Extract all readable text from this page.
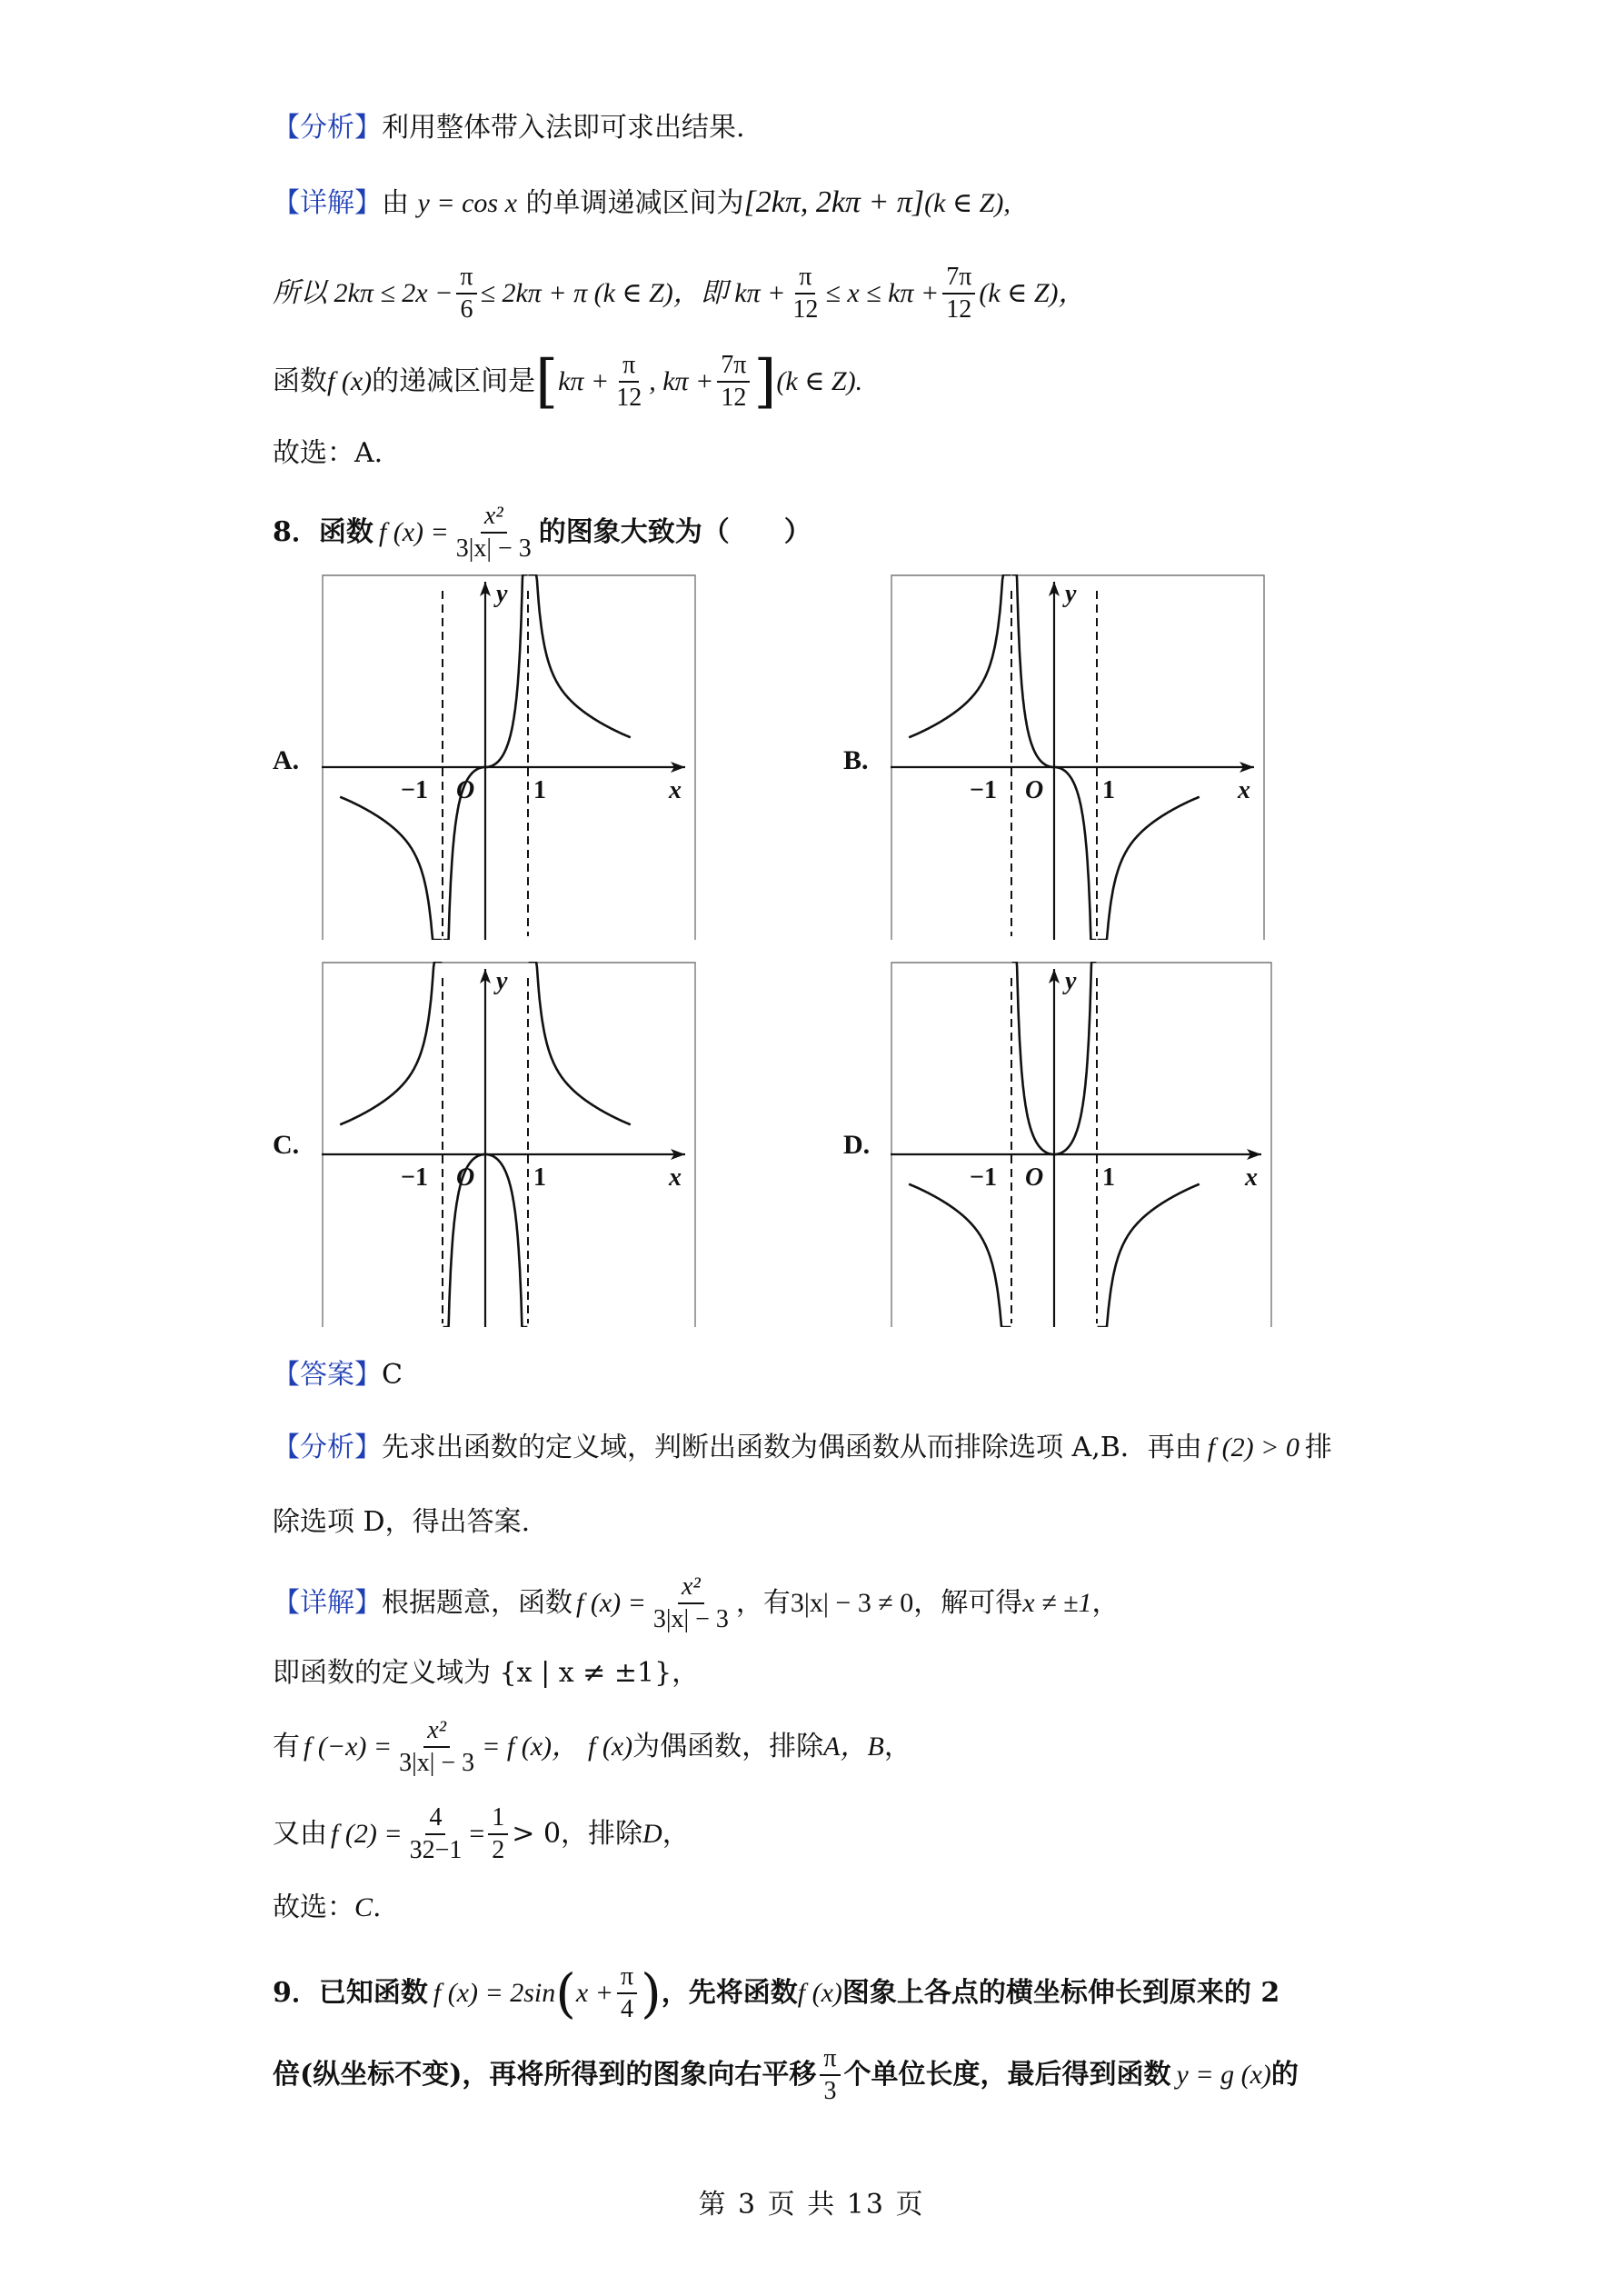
【分析】利用整体带入法即可求出结果.
【详解】由 y = cos x 的单调递减区间为[2kπ, 2kπ + π](k ∈ Z),
所以 $2k\pi \le 2x - \frac{\pi}{6} \le 2k\pi + \pi$ (k ∈ Z)，即 $k\pi + \frac{\pi}{12} \le x \le k\pi + \frac{7\pi}{12} (k$ ∈ Z)，
函数 f (x) 的递减区间是 [ $k\pi + \frac{\pi}{12}$ , $k\pi + \frac{7\pi}{12}$ ] (k ∈ Z).
故选：A.
8． 函数 f $(x) = \frac{\text{x²}}{3|x| - 3}$ 的图象大致为（　　）
A.	B.
C.	D.
y
x
O
−1	1
y
x
O
−1	1
y
x
O
−1	1
y
x
O
−1	1
【答案】C
【分析】 先求出函数的定义域，判断出函数为偶函数从而排除选项 A,B．再由 f (2) > 0 排
除选项 D，得出答案.
【详解】 根据题意，函数 f $(x) = \frac{\text{x²}}{3|x| - 3}$ ，有 3|x| − 3 ≠ 0 ，解可得 x ≠ ±1 ，
即函数的定义域为 {x | x ≠ ±1}，
有 f $(-x) = \frac{\text{x²}}{3|x| - 3} = f$ (x)， f (x) 为偶函数，排除 A，B ，
又由 f $(2) = \frac{4}{32-1} = \frac{1}{2} > 0$，排除 D ，
故选：C.
9． 已知函数 f (x) = 2sin ( $x + \frac{\pi}{4}$ ) ，先将函数 f (x) 图象上各点的横坐标伸长到原来的 2
倍(纵坐标不变)，再将所得到的图象向右平移 $\frac{\pi}{3}$ 个单位长度，最后得到函数 y = g (x) 的
第 3 页 共 13 页
